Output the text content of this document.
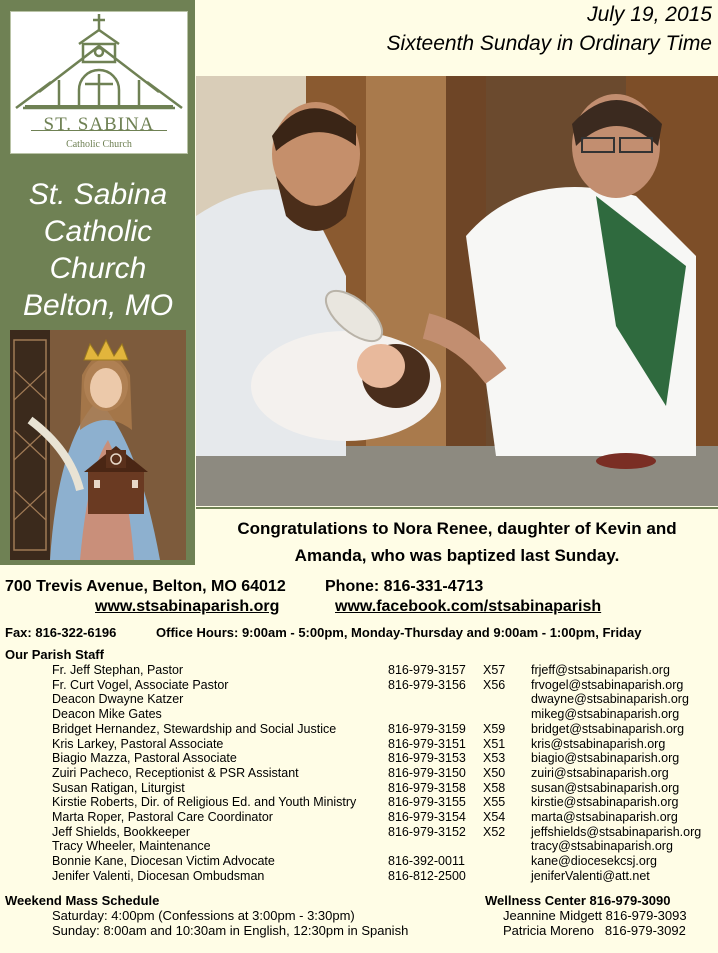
ST. SABINA
Catholic Church
St. Sabina
Catholic
Church
Belton, MO
July 19, 2015
Sixteenth Sunday in Ordinary Time
Congratulations to Nora Renee, daughter of Kevin and
Amanda, who was baptized last Sunday.
700 Trevis Avenue, Belton, MO 64012 Phone: 816-331-4713
www.stsabinaparish.org	www.facebook.com/stsabinaparish
Fax: 816-322-6196	Office Hours: 9:00am - 5:00pm, Monday-Thursday and 9:00am - 1:00pm, Friday
Our Parish Staff
Fr. Jeff Stephan, Pastor	816-979-3157 X57 frjeff@stsabinaparish.org
Fr. Curt Vogel, Associate Pastor	816-979-3156 X56 frvogel@stsabinaparish.org
Deacon Dwayne Katzer	dwayne@stsabinaparish.org
Deacon Mike Gates	mikeg@stsabinaparish.org
Bridget Hernandez, Stewardship and Social Justice	816-979-3159 X59 bridget@stsabinaparish.org
Kris Larkey, Pastoral Associate	816-979-3151 X51 kris@stsabinaparish.org
Biagio Mazza, Pastoral Associate	816-979-3153 X53 biagio@stsabinaparish.org
Zuiri Pacheco, Receptionist & PSR Assistant	816-979-3150 X50 zuiri@stsabinaparish.org
Susan Ratigan, Liturgist	816-979-3158 X58 susan@stsabinaparish.org
Kirstie Roberts, Dir. of Religious Ed. and Youth Ministry	816-979-3155 X55 kirstie@stsabinaparish.org
Marta Roper, Pastoral Care Coordinator	816-979-3154 X54 marta@stsabinaparish.org
Jeff Shields, Bookkeeper	816-979-3152 X52 jeffshields@stsabinaparish.org
Tracy Wheeler, Maintenance	tracy@stsabinaparish.org
Bonnie Kane, Diocesan Victim Advocate	816-392-0011	kane@diocesekcsj.org
Jenifer Valenti, Diocesan Ombudsman	816-812-2500	jeniferValenti@att.net
Weekend Mass Schedule
Saturday: 4:00pm (Confessions at 3:00pm - 3:30pm)
Sunday: 8:00am and 10:30am in English, 12:30pm in Spanish
Wellness Center 816-979-3090
Jeannine Midgett 816-979-3093
Patricia Moreno   816-979-3092
